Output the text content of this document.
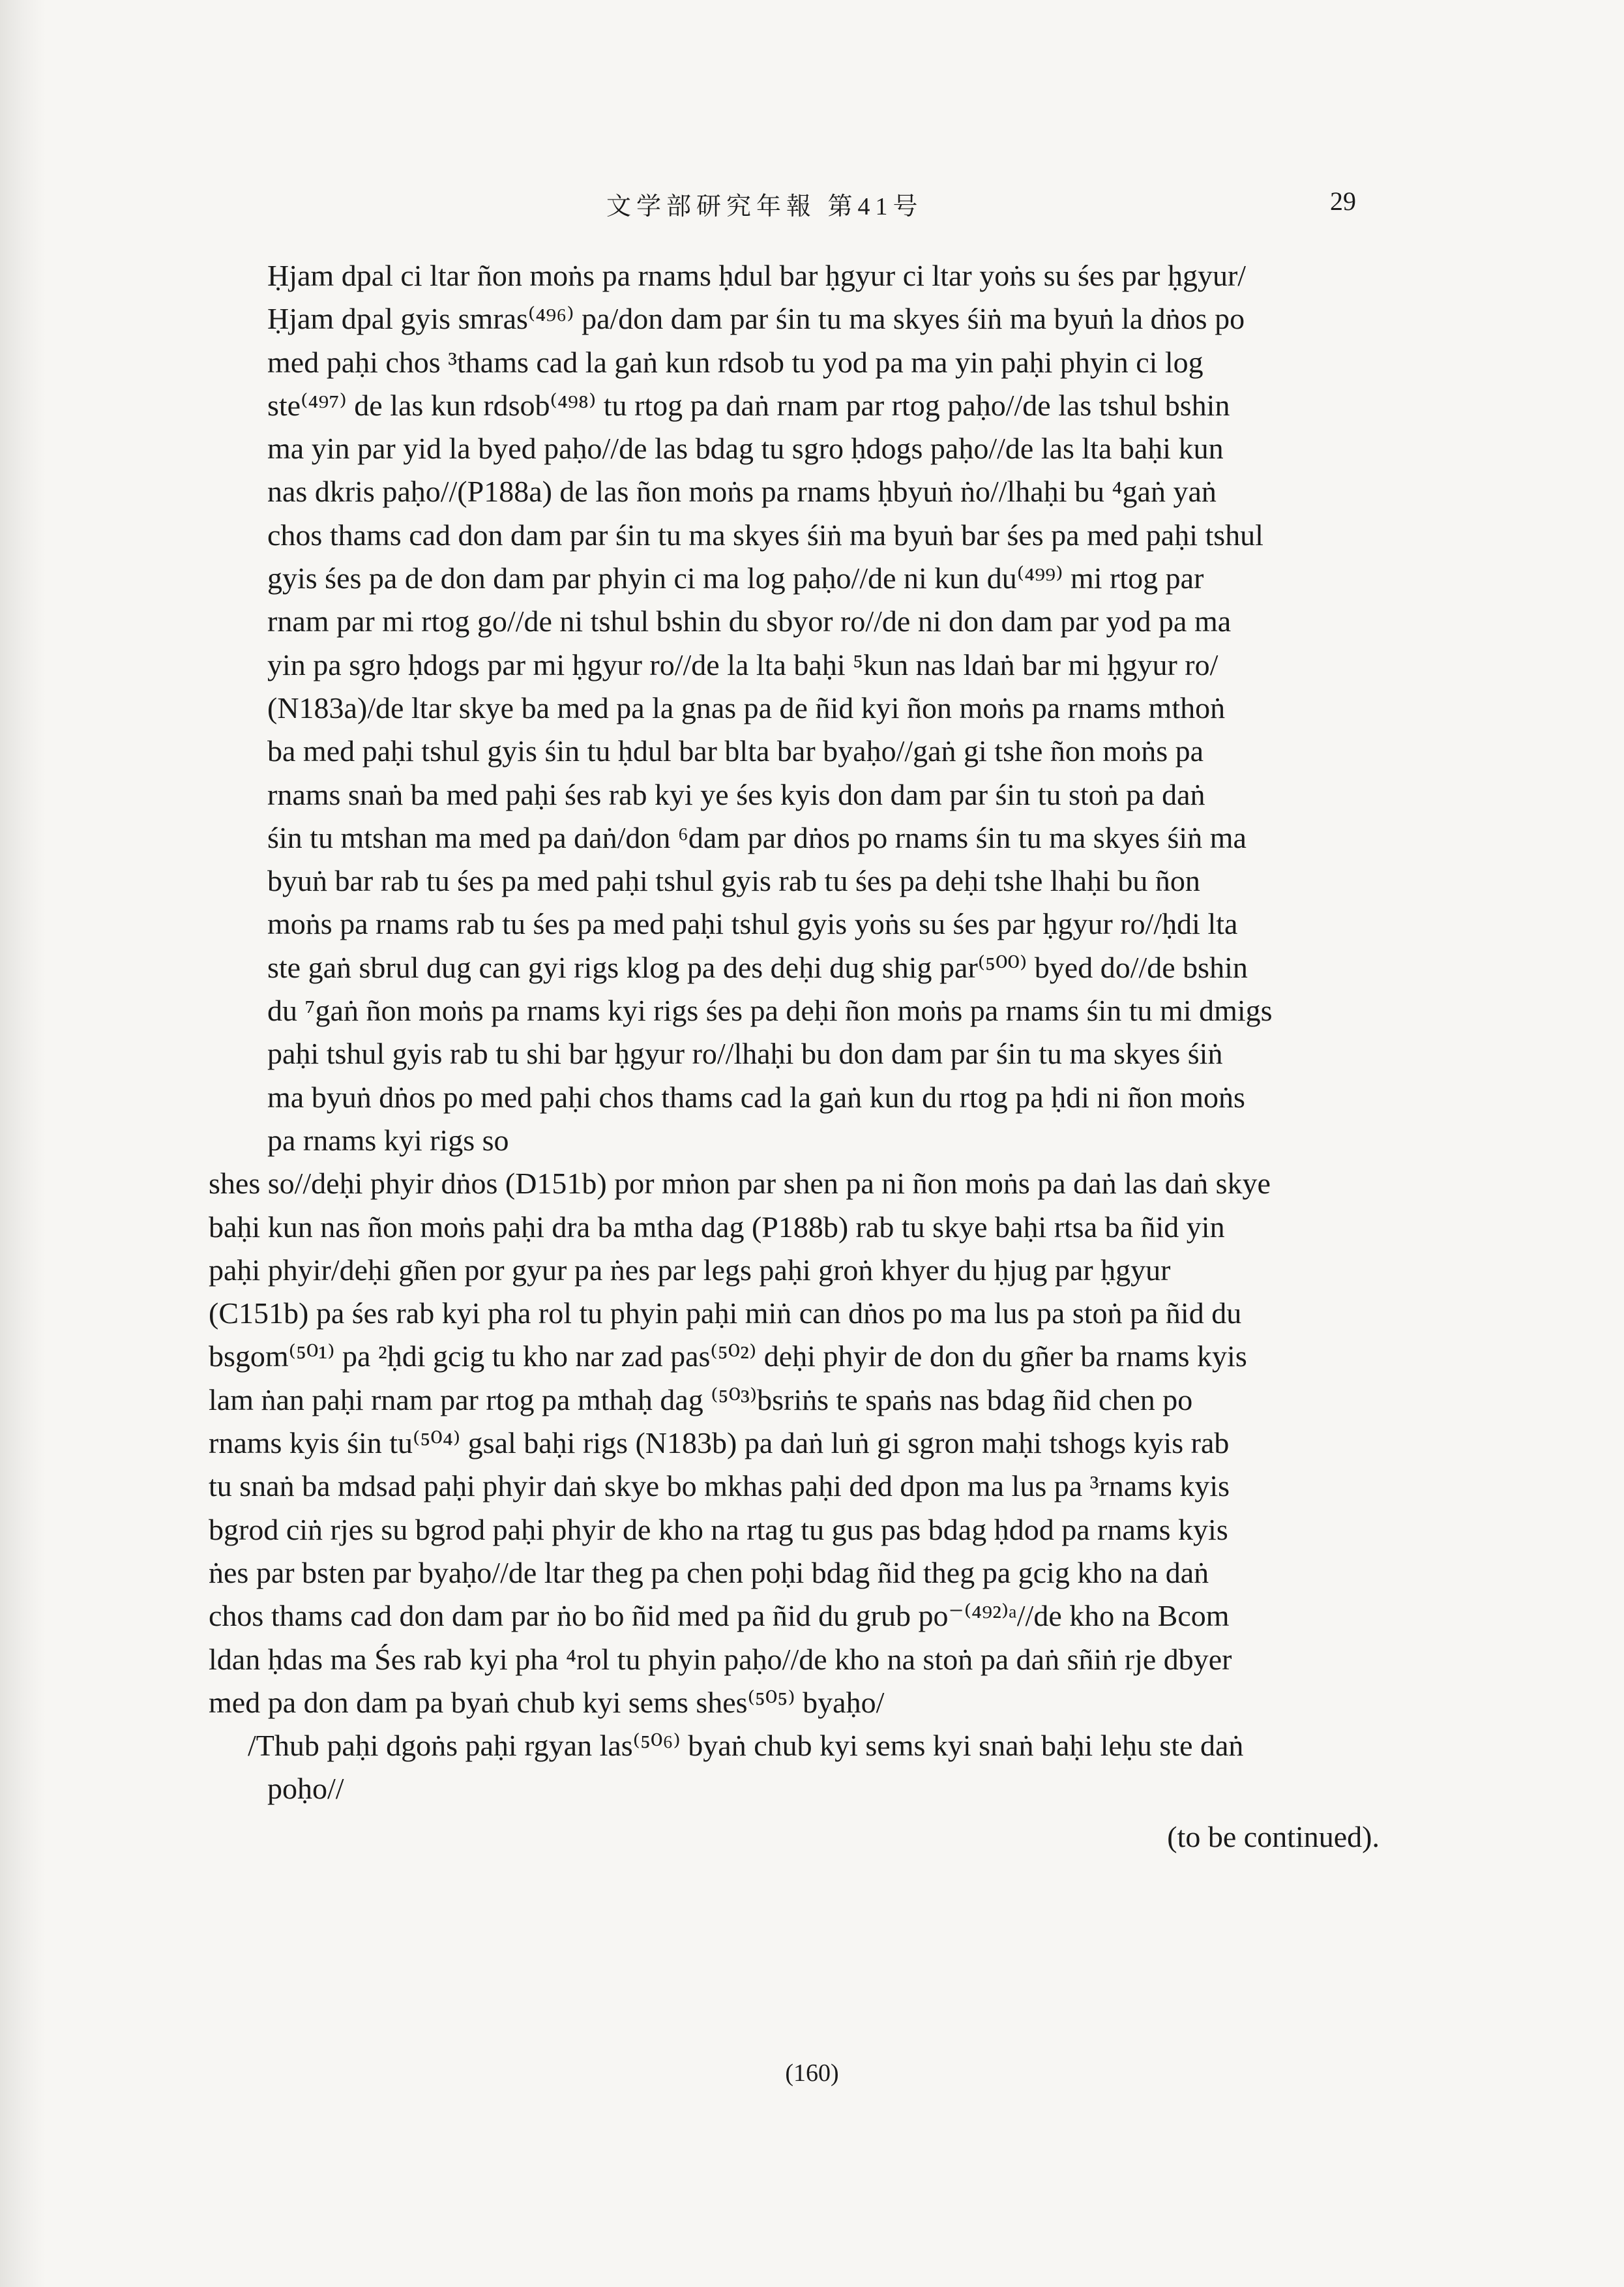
文学部研究年報 第41号	29
Ḥjam dpal ci ltar ñon moṅs pa rnams ḥdul bar ḥgyur ci ltar yoṅs su śes par ḥgyur/
Ḥjam dpal gyis smras⁽⁴⁹⁶⁾ pa/don dam par śin tu ma skyes śiṅ ma byuṅ la dṅos po
med paḥi chos ³thams cad la gaṅ kun rdsob tu yod pa ma yin paḥi phyin ci log
ste⁽⁴⁹⁷⁾ de las kun rdsob⁽⁴⁹⁸⁾ tu rtog pa daṅ rnam par rtog paḥo//de las tshul bshin
ma yin par yid la byed paḥo//de las bdag tu sgro ḥdogs paḥo//de las lta baḥi kun
nas dkris paḥo//(P188a) de las ñon moṅs pa rnams ḥbyuṅ ṅo//lhaḥi bu ⁴gaṅ yaṅ
chos thams cad don dam par śin tu ma skyes śiṅ ma byuṅ bar śes pa med paḥi tshul
gyis śes pa de don dam par phyin ci ma log paḥo//de ni kun du⁽⁴⁹⁹⁾ mi rtog par
rnam par mi rtog go//de ni tshul bshin du sbyor ro//de ni don dam par yod pa ma
yin pa sgro ḥdogs par mi ḥgyur ro//de la lta baḥi ⁵kun nas ldaṅ bar mi ḥgyur ro/
(N183a)/de ltar skye ba med pa la gnas pa de ñid kyi ñon moṅs pa rnams mthoṅ
ba med paḥi tshul gyis śin tu ḥdul bar blta bar byaḥo//gaṅ gi tshe ñon moṅs pa
rnams snaṅ ba med paḥi śes rab kyi ye śes kyis don dam par śin tu stoṅ pa daṅ
śin tu mtshan ma med pa daṅ/don ⁶dam par dṅos po rnams śin tu ma skyes śiṅ ma
byuṅ bar rab tu śes pa med paḥi tshul gyis rab tu śes pa deḥi tshe lhaḥi bu ñon
moṅs pa rnams rab tu śes pa med paḥi tshul gyis yoṅs su śes par ḥgyur ro//ḥdi lta
ste gaṅ sbrul dug can gyi rigs klog pa des deḥi dug shig par⁽⁵⁰⁰⁾ byed do//de bshin
du ⁷gaṅ ñon moṅs pa rnams kyi rigs śes pa deḥi ñon moṅs pa rnams śin tu mi dmigs
paḥi tshul gyis rab tu shi bar ḥgyur ro//lhaḥi bu don dam par śin tu ma skyes śiṅ
ma byuṅ dṅos po med paḥi chos thams cad la gaṅ kun du rtog pa ḥdi ni ñon moṅs
pa rnams kyi rigs so
shes so//deḥi phyir dṅos (D151b) por mṅon par shen pa ni ñon moṅs pa daṅ las daṅ skye
baḥi kun nas ñon moṅs paḥi dra ba mtha dag (P188b) rab tu skye baḥi rtsa ba ñid yin
paḥi phyir/deḥi gñen por gyur pa ṅes par legs paḥi groṅ khyer du ḥjug par ḥgyur
(C151b) pa śes rab kyi pha rol tu phyin paḥi miṅ can dṅos po ma lus pa stoṅ pa ñid du
bsgom⁽⁵⁰¹⁾ pa ²ḥdi gcig tu kho nar zad pas⁽⁵⁰²⁾ deḥi phyir de don du gñer ba rnams kyis
lam ṅan paḥi rnam par rtog pa mthaḥ dag ⁽⁵⁰³⁾bsriṅs te spaṅs nas bdag ñid chen po
rnams kyis śin tu⁽⁵⁰⁴⁾ gsal baḥi rigs (N183b) pa daṅ luṅ gi sgron maḥi tshogs kyis rab
tu snaṅ ba mdsad paḥi phyir daṅ skye bo mkhas paḥi ded dpon ma lus pa ³rnams kyis
bgrod ciṅ rjes su bgrod paḥi phyir de kho na rtag tu gus pas bdag ḥdod pa rnams kyis
ṅes par bsten par byaḥo//de ltar theg pa chen poḥi bdag ñid theg pa gcig kho na daṅ
chos thams cad don dam par ṅo bo ñid med pa ñid du grub po⁻⁽⁴⁹²⁾ᵃ//de kho na Bcom
ldan ḥdas ma Śes rab kyi pha ⁴rol tu phyin paḥo//de kho na stoṅ pa daṅ sñiṅ rje dbyer
med pa don dam pa byaṅ chub kyi sems shes⁽⁵⁰⁵⁾ byaḥo/
/Thub paḥi dgoṅs paḥi rgyan las⁽⁵⁰⁶⁾ byaṅ chub kyi sems kyi snaṅ baḥi leḥu ste daṅ
poḥo//
(to be continued).
(160)
